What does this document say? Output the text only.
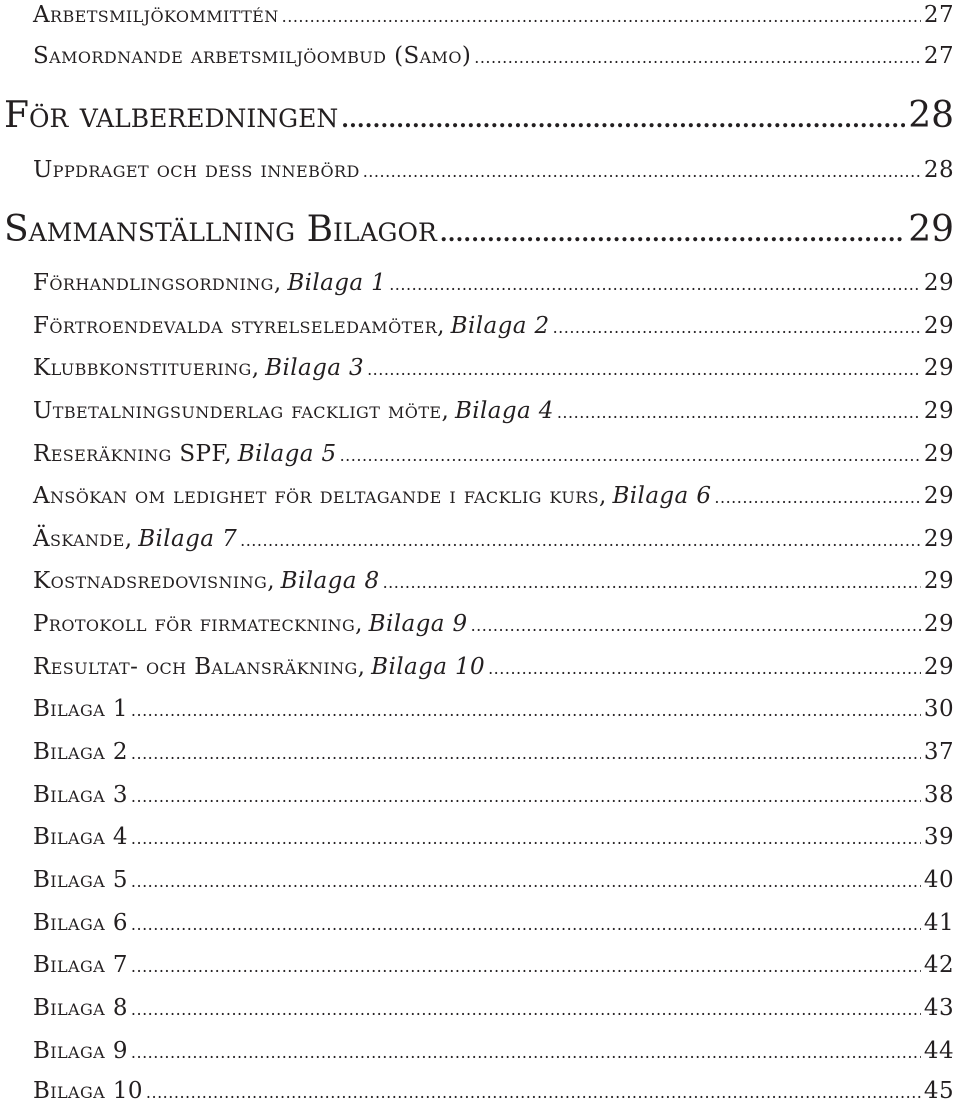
Arbetsmiljökommittén .....	27
Samordnande arbetsmiljöombud (Samo) .....	27
För valberedningen .....	28
Uppdraget och dess innebörd .....	28
Sammanställning Bilagor .....	29
Förhandlingsordning, Bilaga 1 .....	29
Förtroendevalda styrelseledamöter, Bilaga 2 .....	29
Klubbkonstituering, Bilaga 3 .....	29
Utbetalningsunderlag fackligt möte, Bilaga 4 .....	29
Reseräkning SPF, Bilaga 5 .....	29
Ansökan om ledighet för deltagande i facklig kurs, Bilaga 6 .....	29
Äskande, Bilaga 7 .....	29
Kostnadsredovisning, Bilaga 8 .....	29
Protokoll för firmateckning, Bilaga 9 .....	29
Resultat- och Balansräkning, Bilaga 10 .....	29
Bilaga 1 .....	30
Bilaga 2 .....	37
Bilaga 3 .....	38
Bilaga 4 .....	39
Bilaga 5 .....	40
Bilaga 6 .....	41
Bilaga 7 .....	42
Bilaga 8 .....	43
Bilaga 9 .....	44
Bilaga 10 .....	45
